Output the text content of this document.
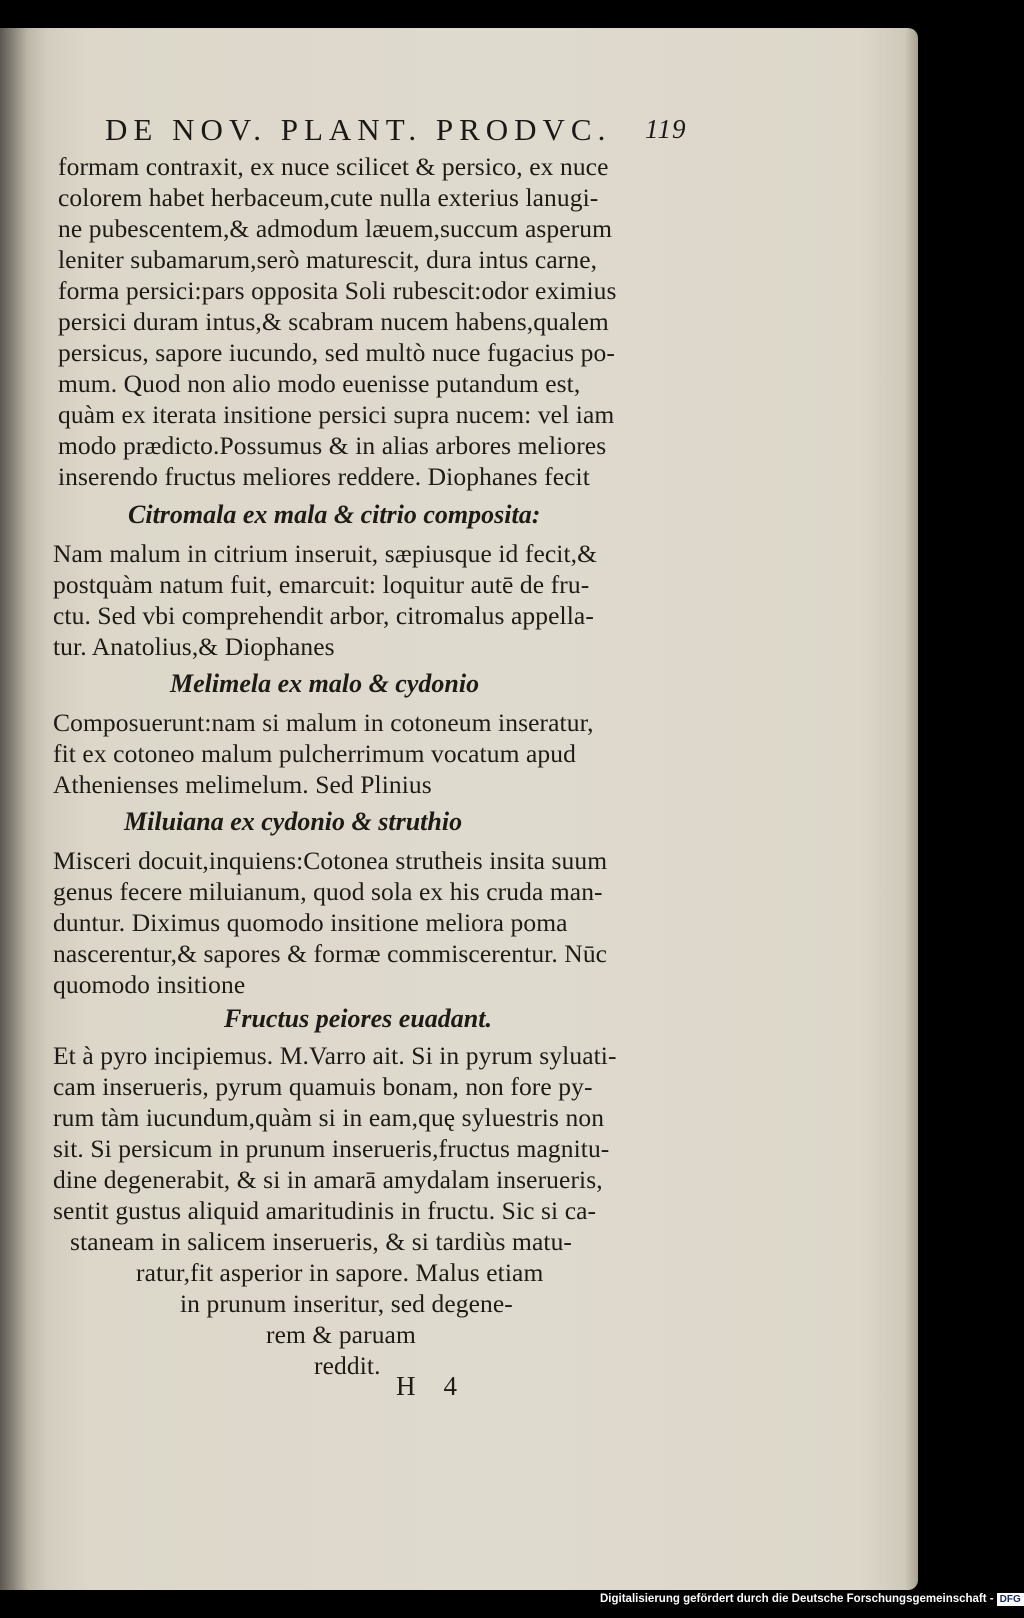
DE NOV. PLANT. PRODVC. 119
formam contraxit, ex nuce scilicet & persico, ex nuce
colorem habet herbaceum,cute nulla exterius lanugi-
ne pubescentem,& admodum læuem,succum asperum
leniter subamarum,serò maturescit, dura intus carne,
forma persici:pars opposita Soli rubescit:odor eximius
persici duram intus,& scabram nucem habens,qualem
persicus, sapore iucundo, sed multò nuce fugacius po-
mum. Quod non alio modo euenisse putandum est,
quàm ex iterata insitione persici supra nucem: vel iam
modo prædicto.Possumus & in alias arbores meliores
inserendo fructus meliores reddere. Diophanes fecit
Citromala ex mala & citrio composita:
Nam malum in citrium inseruit, sæpiusque id fecit,&
postquàm natum fuit, emarcuit: loquitur autē de fru-
ctu. Sed vbi comprehendit arbor, citromalus appella-
tur. Anatolius,& Diophanes
Melimela ex malo & cydonio
Composuerunt:nam si malum in cotoneum inseratur,
fit ex cotoneo malum pulcherrimum vocatum apud
Athenienses melimelum. Sed Plinius
Miluiana ex cydonio & struthio
Misceri docuit,inquiens:Cotonea strutheis insita suum
genus fecere miluianum, quod sola ex his cruda man-
duntur. Diximus quomodo insitione meliora poma
nascerentur,& sapores & formæ commiscerentur. Nūc
quomodo insitione
Fructus peiores euadant.
Et à pyro incipiemus. M.Varro ait. Si in pyrum syluati-
cam inserueris, pyrum quamuis bonam, non fore py-
rum tàm iucundum,quàm si in eam,quę syluestris non
sit. Si persicum in prunum inserueris,fructus magnitu-
dine degenerabit, & si in amarā amydalam inserueris,
sentit gustus aliquid amaritudinis in fructu. Sic si ca-
staneam in salicem inserueris, & si tardiùs matu-
ratur,fit asperior in sapore. Malus etiam
in prunum inseritur, sed degene-
rem & paruam
reddit.
H 4
Digitalisierung gefördert durch die Deutsche Forschungsgemeinschaft - DFG
